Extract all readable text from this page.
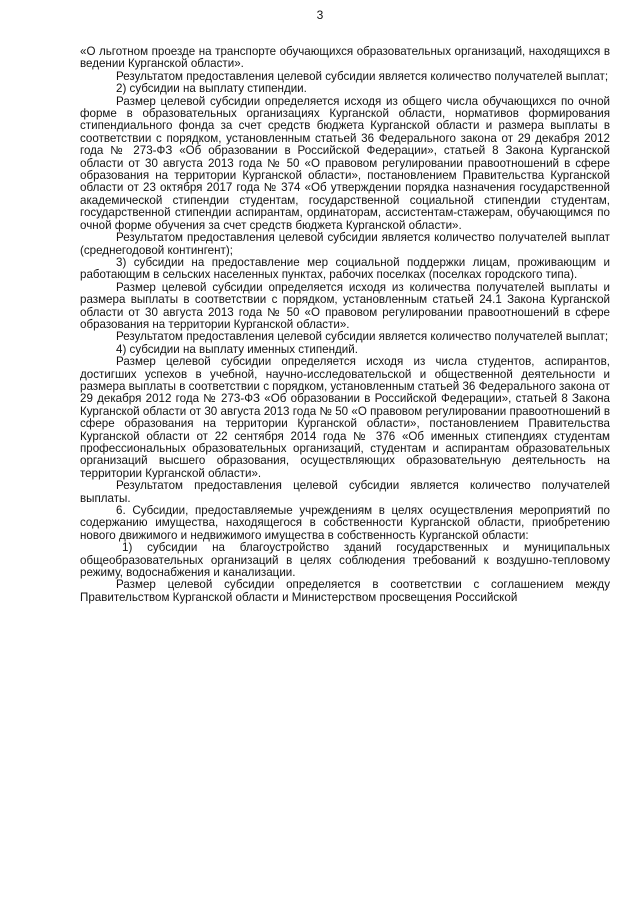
3

«О льготном проезде на транспорте обучающихся образовательных организаций, находящихся в ведении Курганской области».

Результатом предоставления целевой субсидии является количество получателей выплат;

2) субсидии на выплату стипендии.

Размер целевой субсидии определяется исходя из общего числа обучающихся по очной форме в образовательных организациях Курганской области, нормативов формирования стипендиального фонда за счет средств бюджета Курганской области и размера выплаты в соответствии с порядком, установленным статьей 36 Федерального закона от 29 декабря 2012 года № 273-ФЗ «Об образовании в Российской Федерации», статьей 8 Закона Курганской области от 30 августа 2013 года № 50 «О правовом регулировании правоотношений в сфере образования на территории Курганской области», постановлением Правительства Курганской области от 23 октября 2017 года № 374 «Об утверждении порядка назначения государственной академической стипендии студентам, государственной социальной стипендии студентам, государственной стипендии аспирантам, ординаторам, ассистентам-стажерам, обучающимся по очной форме обучения за счет средств бюджета Курганской области».

Результатом предоставления целевой субсидии является количество получателей выплат (среднегодовой контингент);

3) субсидии на предоставление мер социальной поддержки лицам, проживающим и работающим в сельских населенных пунктах, рабочих поселках (поселках городского типа).

Размер целевой субсидии определяется исходя из количества получателей выплаты и размера выплаты в соответствии с порядком, установленным статьей 24.1 Закона Курганской области от 30 августа 2013 года № 50 «О правовом регулировании правоотношений в сфере образования на территории Курганской области».

Результатом предоставления целевой субсидии является количество получателей выплат;

4) субсидии на выплату именных стипендий.

Размер целевой субсидии определяется исходя из числа студентов, аспирантов, достигших успехов в учебной, научно-исследовательской и общественной деятельности и размера выплаты в соответствии с порядком, установленным статьей 36 Федерального закона от 29 декабря 2012 года № 273-ФЗ «Об образовании в Российской Федерации», статьей 8 Закона Курганской области от 30 августа 2013 года № 50 «О правовом регулировании правоотношений в сфере образования на территории Курганской области», постановлением Правительства Курганской области от 22 сентября 2014 года № 376 «Об именных стипендиях студентам профессиональных образовательных организаций, студентам и аспирантам образовательных организаций высшего образования, осуществляющих образовательную деятельность на территории Курганской области».

Результатом предоставления целевой субсидии является количество получателей выплаты.

6. Субсидии, предоставляемые учреждениям в целях осуществления мероприятий по содержанию имущества, находящегося в собственности Курганской области, приобретению нового движимого и недвижимого имущества в собственность Курганской области:

1) субсидии на благоустройство зданий государственных и муниципальных общеобразовательных организаций в целях соблюдения требований к воздушно-тепловому режиму, водоснабжения и канализации.

Размер целевой субсидии определяется в соответствии с соглашением между Правительством Курганской области и Министерством просвещения Российской
